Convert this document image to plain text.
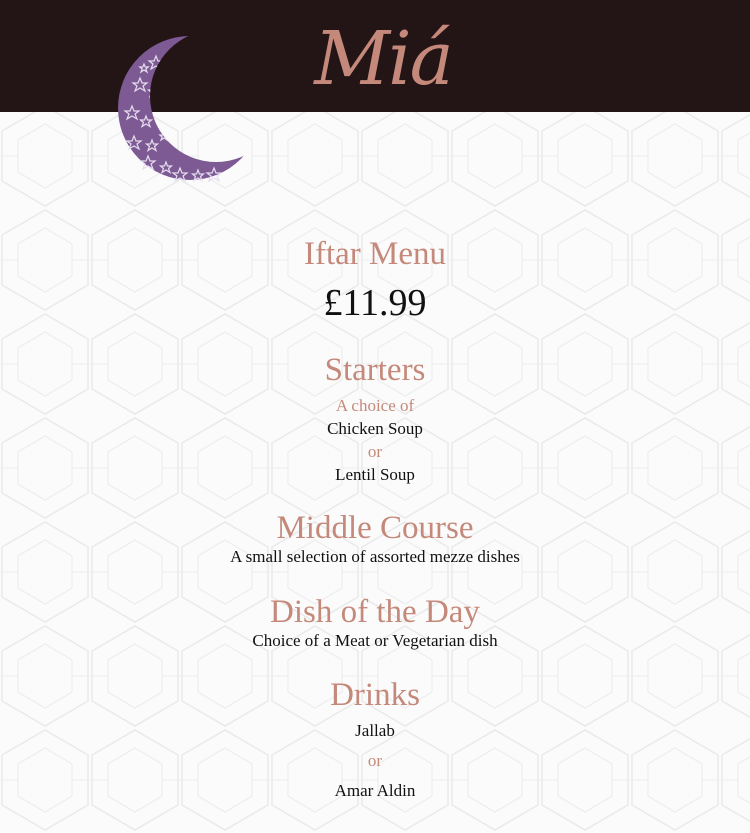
Miá
Iftar Menu
£11.99
Starters
A choice of
Chicken Soup
or
Lentil Soup
Middle Course
A small selection of assorted mezze dishes
Dish of the Day
Choice of a Meat or Vegetarian dish
Drinks
Jallab
or
Amar Aldin
